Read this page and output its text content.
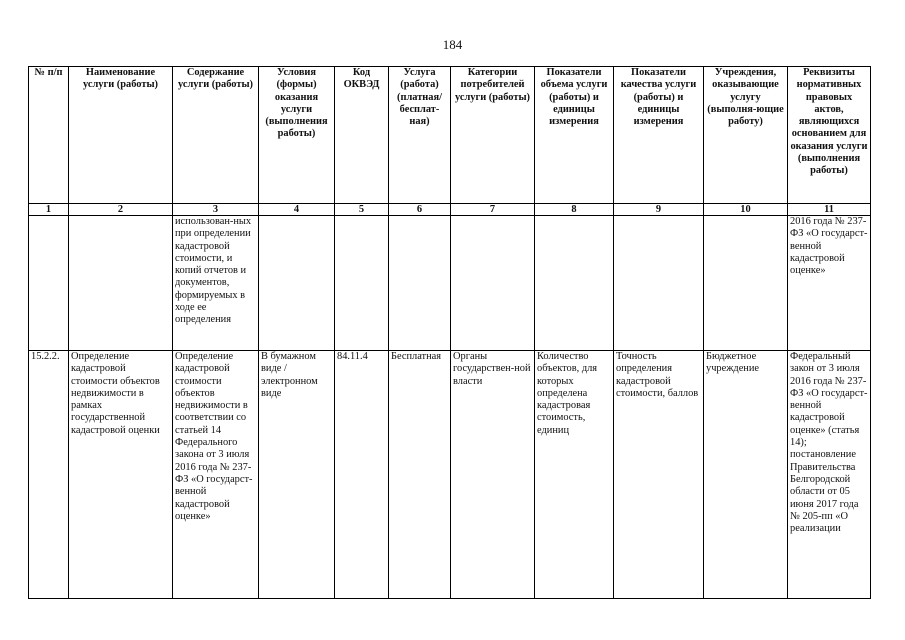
184
№ п/п	Наименование услуги (работы)	Содержание услуги (работы)	Условия (формы) оказания услуги (выполнения работы)	Код ОКВЭД	Услуга (работа) (платная/ бесплат-ная)	Категории потребителей услуги (работы)	Показатели объема услуги (работы) и единицы измерения	Показатели качества услуги (работы) и единицы измерения	Учреждения, оказывающие услугу (выполня-ющие работу)	Реквизиты нормативных правовых актов, являющихся основанием для оказания услуги (выполнения работы)
1	2	3	4	5	6	7	8	9	10	11
		использован-ных при определении кадастровой стоимости, и копий отчетов и документов, формируемых в ходе ее определения								2016 года № 237-ФЗ «О государст-венной кадастровой оценке»
15.2.2.	Определение кадастровой стоимости объектов недвижимости в рамках государственной кадастровой оценки	Определение кадастровой стоимости объектов недвижимости в соответствии со статьей 14 Федерального закона от 3 июля 2016 года № 237-ФЗ «О государст-венной кадастровой оценке»	В бумажном виде / электронном виде	84.11.4	Бесплатная	Органы государствен-ной власти	Количество объектов, для которых определена кадастровая стоимость, единиц	Точность определения кадастровой стоимости, баллов	Бюджетное учреждение	Федеральный закон от 3 июля 2016 года № 237-ФЗ «О государст-венной кадастровой оценке» (статья 14); постановление Правительства Белгородской области от 05 июня 2017 года № 205-пп «О реализации
